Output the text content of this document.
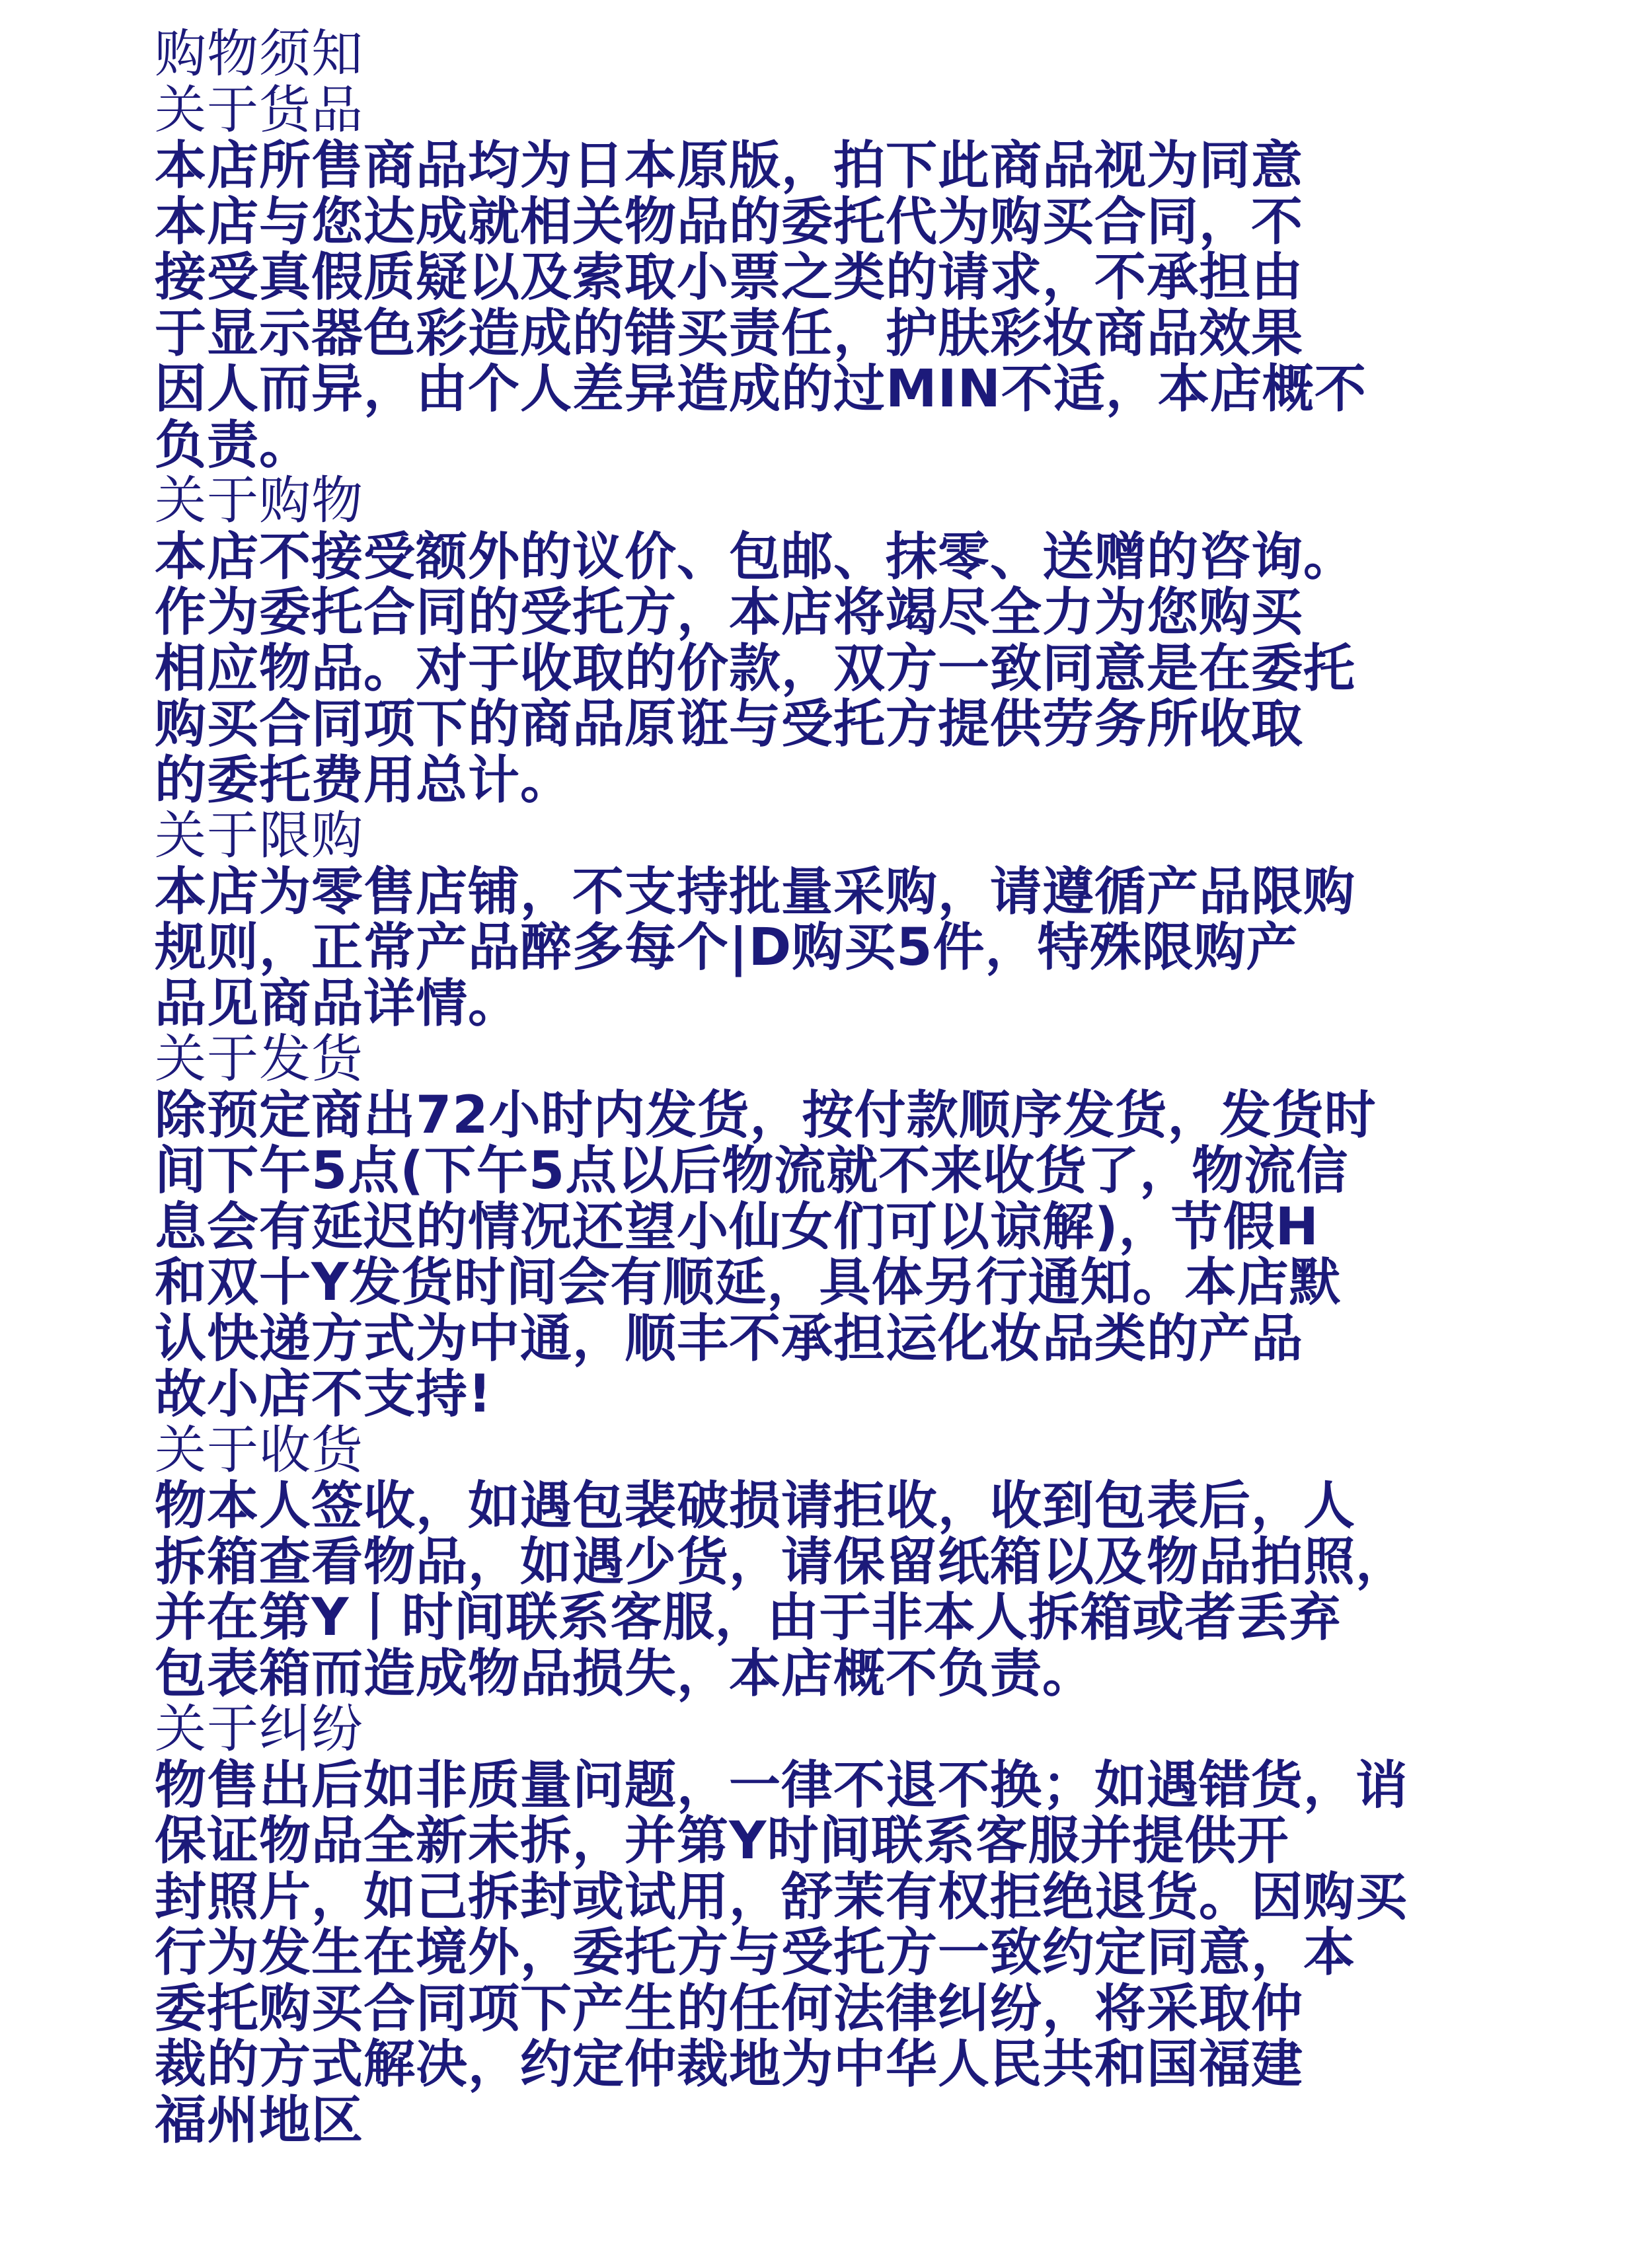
购物须知
关于货品
本店所售商品均为日本原版，拍下此商品视为同意
本店与您达成就相关物品的委托代为购买合同，不
接受真假质疑以及索取小票之类的请求，不承担由
于显示器色彩造成的错买责任，护肤彩妆商品效果
因人而异，由个人差异造成的过MIN不适，本店概不
负责。
关于购物
本店不接受额外的议价、包邮、抹零、送赠的咨询。
作为委托合同的受托方，本店将竭尽全力为您购买
相应物品。对于收取的价款，双方一致同意是在委托
购买合同项下的商品原诳与受托方提供劳务所收取
的委托费用总计。
关于限购
本店为零售店铺，不支持批量采购，请遵循产品限购
规则，正常产品醉多每个|D购买5件，特殊限购产
品见商品详情。
关于发货
除预定商出72小时内发货，按付款顺序发货，发货时
间下午5点(下午5点以后物流就不来收货了，物流信
息会有延迟的情况还望小仙女们可以谅解)，节假H
和双十Y发货时间会有顺延，具体另行通知。本店默
认快递方式为中通，顺丰不承担运化妆品类的产品
故小店不支持!
关于收货
物本人签收，如遇包裴破损请拒收，收到包表后，人
拆箱查看物品，如遇少货，请保留纸箱以及物品拍照，
并在第Y丨时间联系客服，由于非本人拆箱或者丢弃
包表箱而造成物品损失，本店概不负责。
关于纠纷
物售出后如非质量问题，一律不退不换；如遇错货，诮
保证物品全新未拆，并第Y时间联系客服并提供开
封照片，如己拆封或试用，舒茉有权拒绝退货。因购买
行为发生在境外，委托方与受托方一致约定同意，本
委托购买合同项下产生的任何法律纠纷，将采取仲
裁的方式解决，约定仲裁地为中华人民共和国福建
福州地区
